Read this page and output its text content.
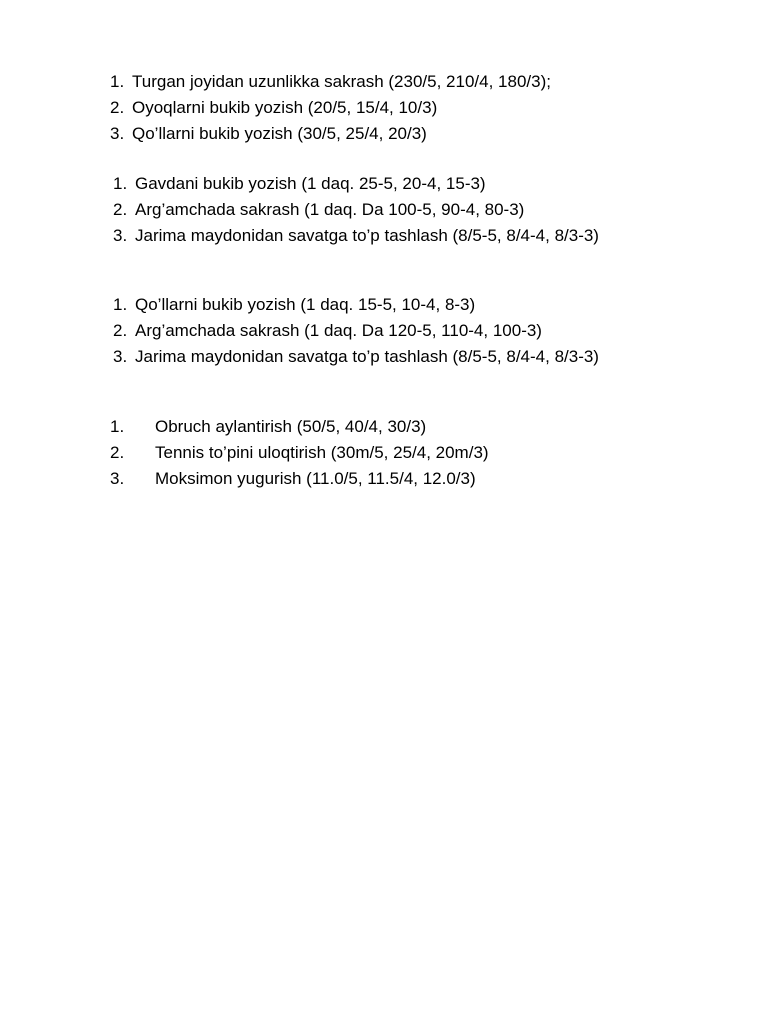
1. Turgan joyidan uzunlikka sakrash (230/5, 210/4, 180/3);
2. Oyoqlarni bukib yozish (20/5, 15/4, 10/3)
3. Qo’llarni bukib yozish (30/5, 25/4, 20/3)
1. Gavdani bukib yozish (1 daq. 25-5, 20-4, 15-3)
2. Arg’amchada sakrash (1 daq. Da 100-5, 90-4, 80-3)
3. Jarima maydonidan savatga to’p tashlash (8/5-5, 8/4-4, 8/3-3)
1. Qo’llarni bukib yozish (1 daq. 15-5, 10-4, 8-3)
2. Arg’amchada sakrash (1 daq. Da 120-5, 110-4, 100-3)
3. Jarima maydonidan savatga to’p tashlash (8/5-5, 8/4-4, 8/3-3)
1. Obruch aylantirish (50/5, 40/4, 30/3)
2. Tennis to’pini uloqtirish (30m/5, 25/4, 20m/3)
3. Moksimon yugurish (11.0/5, 11.5/4, 12.0/3)
